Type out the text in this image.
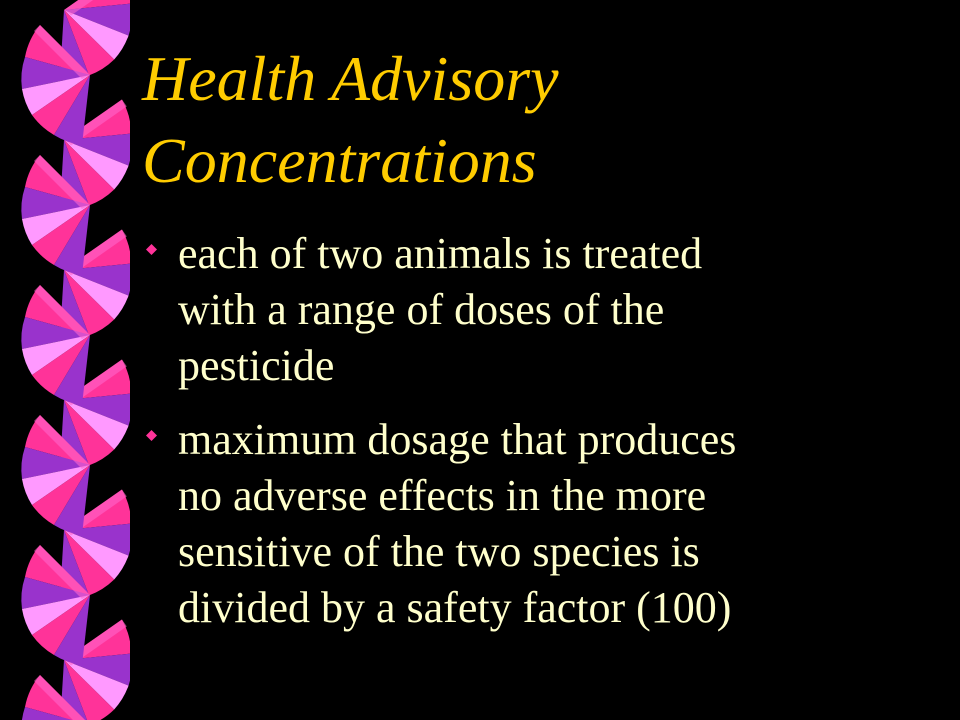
Health Advisory Concentrations
each of two animals is treated
with a range of doses of the
pesticide
maximum dosage that produces
no adverse effects in the more
sensitive of the two species is
divided by a safety factor (100)
